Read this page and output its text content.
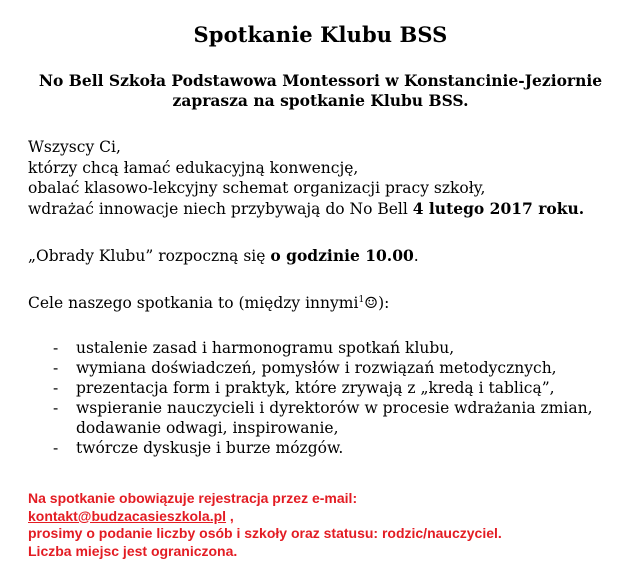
Spotkanie Klubu BSS
No Bell Szkoła Podstawowa Montessori w Konstancinie-Jeziornie
zaprasza na spotkanie Klubu BSS.
Wszyscy Ci,
którzy chcą łamać edukacyjną konwencję,
obalać klasowo-lekcyjny schemat organizacji pracy szkoły,
wdrażać innowacje niech przybywają do No Bell 4 lutego 2017 roku.
„Obrady Klubu” rozpoczną się o godzinie 10.00.
Cele naszego spotkania to (między innymi$^1$☺):
- ustalenie zasad i harmonogramu spotkań klubu,
- wymiana doświadczeń, pomysłów i rozwiązań metodycznych,
- prezentacja form i praktyk, które zrywają z „kredą i tablicą”,
- wspieranie nauczycieli i dyrektorów w procesie wdrażania zmian,
dodawanie odwagi, inspirowanie,
- twórcze dyskusje i burze mózgów.
Na spotkanie obowiązuje rejestracja przez e-mail:
kontakt@budzacasieszkola.pl ,
prosimy o podanie liczby osób i szkoły oraz statusu: rodzic/nauczyciel.
Liczba miejsc jest ograniczona.
